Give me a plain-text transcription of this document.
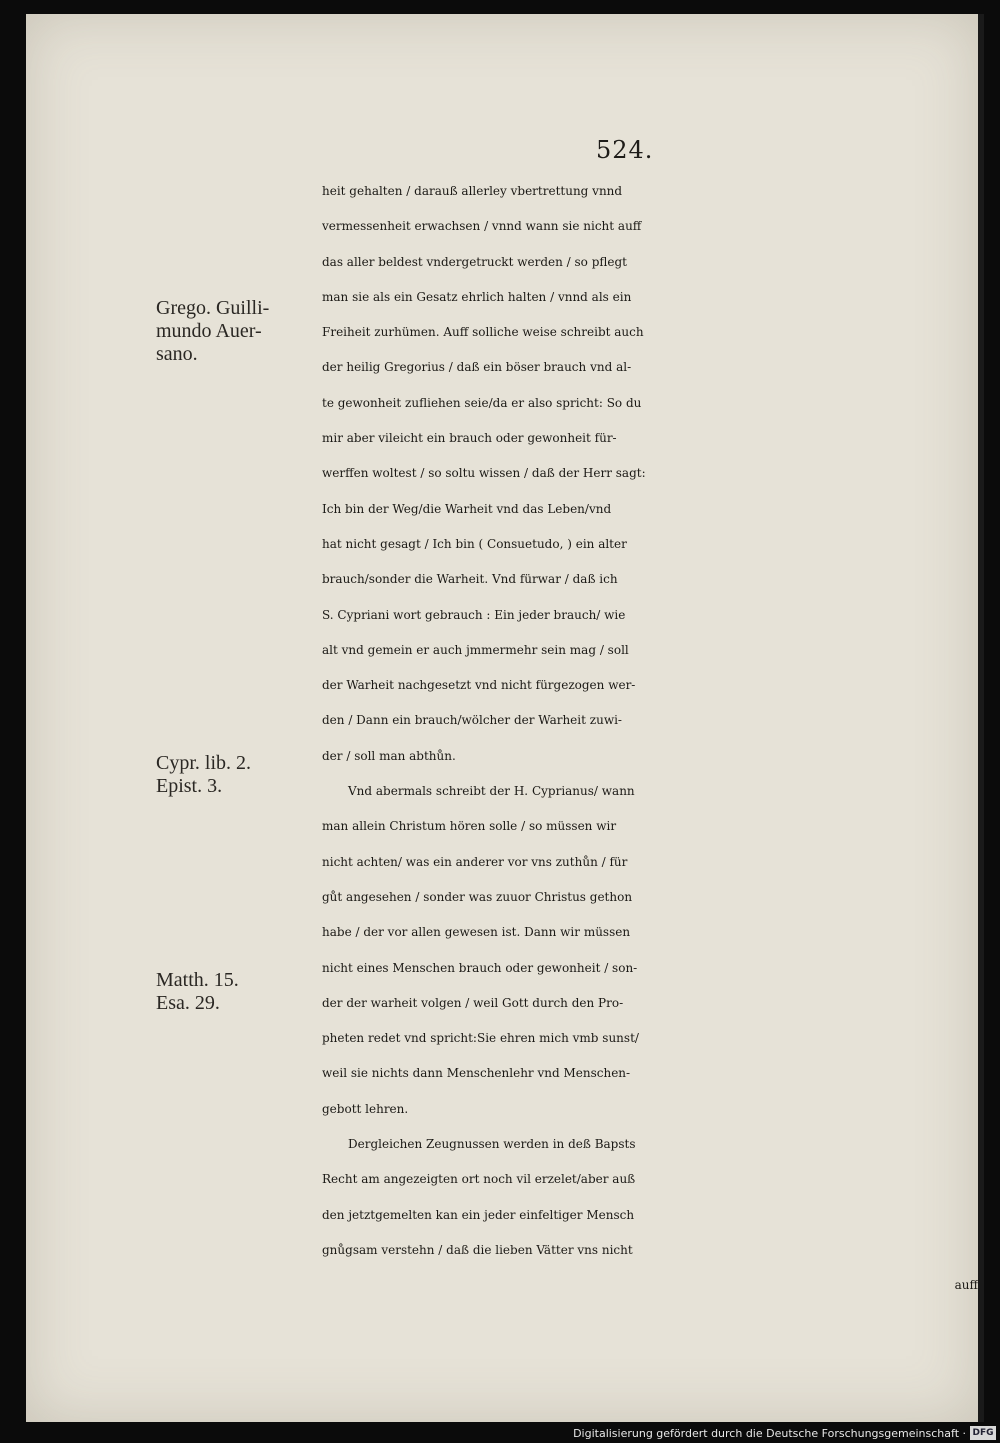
524.
Grego. Guilli-
mundo Auer-
sano.
Cypr. lib. 2.
Epist. 3.
Matth. 15.
Esa. 29.
heit gehalten / darauß allerley vbertrettung vnnd
vermessenheit erwachsen / vnnd wann sie nicht auff
das aller beldest vndergetruckt werden / so pflegt
man sie als ein Gesatz ehrlich halten / vnnd als ein
Freiheit zurhümen. Auff solliche weise schreibt auch
der heilig Gregorius / daß ein böser brauch vnd al-
te gewonheit zufliehen seie/da er also spricht: So du
mir aber vileicht ein brauch oder gewonheit für-
werffen woltest / so soltu wissen / daß der Herr sagt:
Ich bin der Weg/die Warheit vnd das Leben/vnd
hat nicht gesagt / Ich bin ( Consuetudo, ) ein alter
brauch/sonder die Warheit. Vnd fürwar / daß ich
S. Cypriani wort gebrauch : Ein jeder brauch/ wie
alt vnd gemein er auch jmmermehr sein mag / soll
der Warheit nachgesetzt vnd nicht fürgezogen wer-
den / Dann ein brauch/wölcher der Warheit zuwi-
der / soll man abthůn.
Vnd abermals schreibt der H. Cyprianus/ wann
man allein Christum hören solle / so müssen wir
nicht achten/ was ein anderer vor vns zuthůn / für
gůt angesehen / sonder was zuuor Christus gethon
habe / der vor allen gewesen ist. Dann wir müssen
nicht eines Menschen brauch oder gewonheit / son-
der der warheit volgen / weil Gott durch den Pro-
pheten redet vnd spricht:Sie ehren mich vmb sunst/
weil sie nichts dann Menschenlehr vnd Menschen-
gebott lehren.
Dergleichen Zeugnussen werden in deß Bapsts
Recht am angezeigten ort noch vil erzelet/aber auß
den jetztgemelten kan ein jeder einfeltiger Mensch
gnůgsam verstehn / daß die lieben Vätter vns nicht
auff
Digitalisierung gefördert durch die Deutsche Forschungsgemeinschaft · DFG
